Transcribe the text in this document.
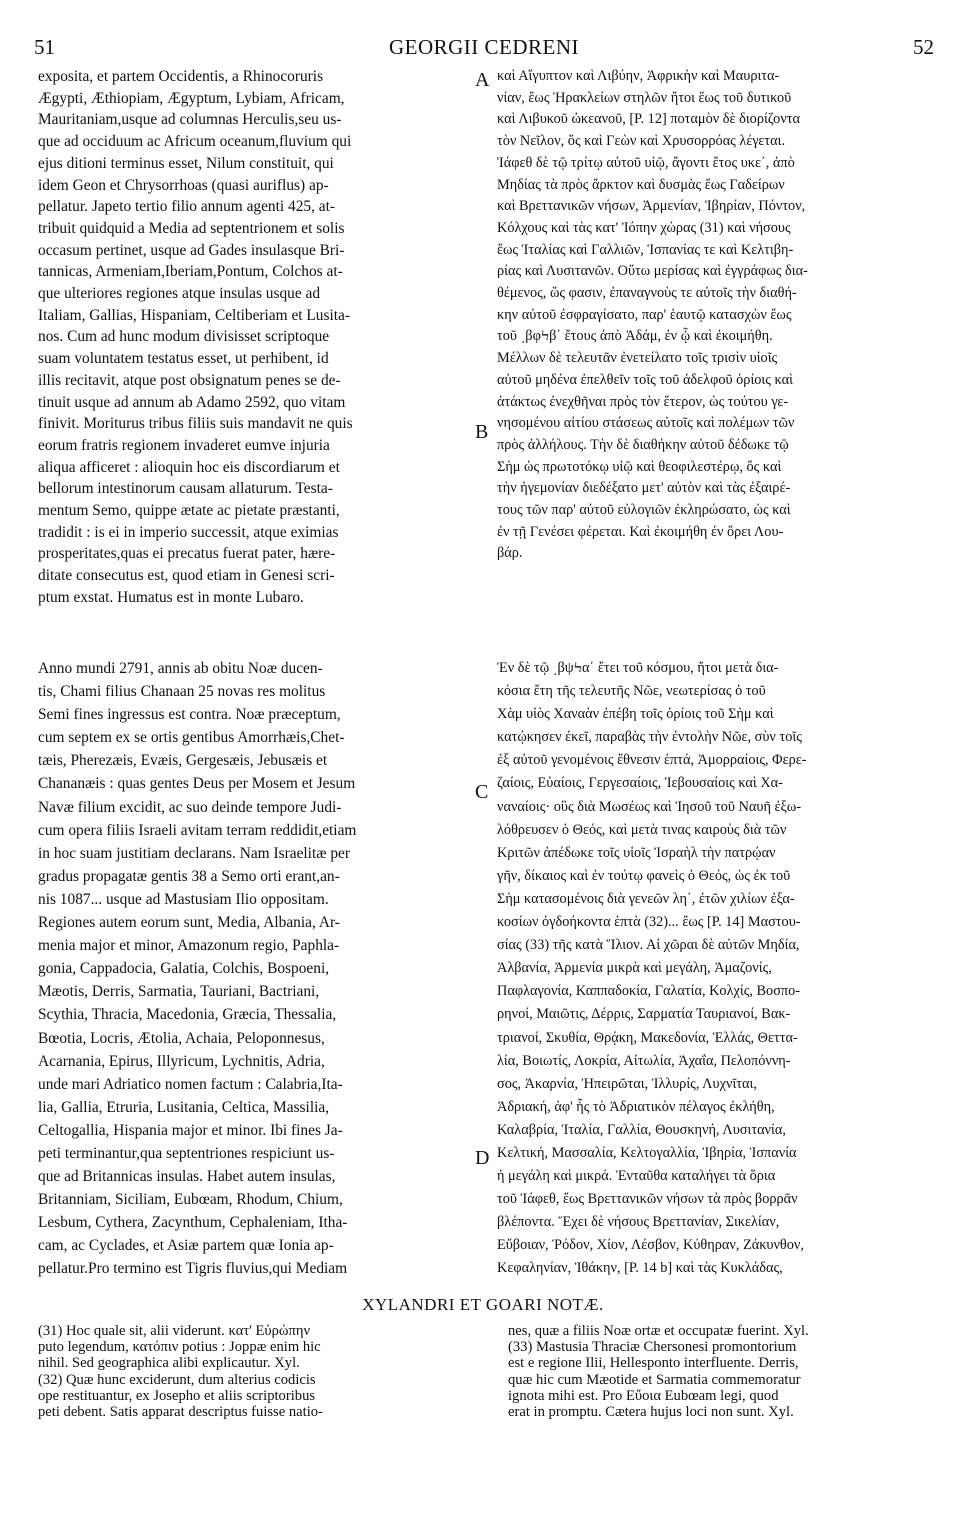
51	GEORGII CEDRENI	52
exposita, et partem Occidentis, a Rhinocoruris
Ægypti, Æthiopiam, Ægyptum, Lybiam, Africam,
Mauritaniam,usque ad columnas Herculis,seu us-
que ad occiduum ac Africum oceanum,fluvium qui
ejus ditioni terminus esset, Nilum constituit, qui
idem Geon et Chrysorrhoas (quasi auriflus) ap-
pellatur. Japeto tertio filio annum agenti 425, at-
tribuit quidquid a Media ad septentrionem et solis
occasum pertinet, usque ad Gades insulasque Bri-
tannicas, Armeniam,Iberiam,Pontum, Colchos at-
que ulteriores regiones atque insulas usque ad
Italiam, Gallias, Hispaniam, Celtiberiam et Lusita-
nos. Cum ad hunc modum divisisset scriptoque
suam voluntatem testatus esset, ut perhibent, id
illis recitavit, atque post obsignatum penes se de-
tinuit usque ad annum ab Adamo 2592, quo vitam
finivit. Moriturus tribus filiis suis mandavit ne quis
eorum fratris regionem invaderet eumve injuria
aliqua afficeret : alioquin hoc eis discordiarum et
bellorum intestinorum causam allaturum. Testa-
mentum Semo, quippe ætate ac pietate præstanti,
tradidit : is ei in imperio successit, atque eximias
prosperitates,quas ei precatus fuerat pater, hære-
ditate consecutus est, quod etiam in Genesi scri-
ptum exstat. Humatus est in monte Lubaro.
Anno mundi 2791, annis ab obitu Noæ ducen-
tis, Chami filius Chanaan 25 novas res molitus
Semi fines ingressus est contra. Noæ præceptum,
cum septem ex se ortis gentibus Amorrhæis,Chet-
tæis, Pherezæis, Evæis, Gergesæis, Jebusæis et
Chananæis : quas gentes Deus per Mosem et Jesum
Navæ filium excidit, ac suo deinde tempore Judi-
cum opera filiis Israeli avitam terram reddidit,etiam
in hoc suam justitiam declarans. Nam Israelitæ per
gradus propagatæ gentis 38 a Semo orti erant,an-
nis 1087... usque ad Mastusiam Ilio oppositam.
Regiones autem eorum sunt, Media, Albania, Ar-
menia major et minor, Amazonum regio, Paphla-
gonia, Cappadocia, Galatia, Colchis, Bospoeni,
Mæotis, Derris, Sarmatia, Tauriani, Bactriani,
Scythia, Thracia, Macedonia, Græcia, Thessalia,
Bœotia, Locris, Ætolia, Achaia, Peloponnesus,
Acarnania, Epirus, Illyricum, Lychnitis, Adria,
unde mari Adriatico nomen factum : Calabria,Ita-
lia, Gallia, Etruria, Lusitania, Celtica, Massilia,
Celtogallia, Hispania major et minor. Ibi fines Ja-
peti terminantur,qua septentriones respiciunt us-
que ad Britannicas insulas. Habet autem insulas,
Britanniam, Siciliam, Eubœam, Rhodum, Chium,
Lesbum, Cythera, Zacynthum, Cephaleniam, Itha-
cam, ac Cyclades, et Asiæ partem quæ Ionia ap-
pellatur.Pro termino est Tigris fluvius,qui Mediam
καὶ Αἴγυπτον καὶ Λιβύην, Ἀφρικὴν καὶ Μαυριτα-
νίαν, ἕως Ἡρακλείων στηλῶν ἤτοι ἕως τοῦ δυτικοῦ
καὶ Λιβυκοῦ ὠκεανοῦ, [P. 12] ποταμὸν δὲ διορίζοντα
τὸν Νεῖλον, ὅς καὶ Γεὼν καὶ Χρυσορρόας λέγεται.
Ἰάφεθ δὲ τῷ τρίτῳ αὐτοῦ υἱῷ, ἄγοντι ἔτος υκε΄, ἀπὸ
Μηδίας τὰ πρὸς ἄρκτον καὶ δυσμὰς ἕως Γαδείρων
καὶ Βρεττανικῶν νήσων, Ἀρμενίαν, Ἰβηρίαν, Πόντον,
Κόλχους καὶ τὰς κατ' Ἰόπην χώρας (31) καὶ νήσους
ἕως Ἰταλίας καὶ Γαλλιῶν, Ἱσπανίας τε καὶ Κελτιβη-
ρίας καὶ Λυσιτανῶν. Οὕτω μερίσας καὶ ἐγγράφως δια-
θέμενος, ὥς φασιν, ἐπαναγνοὺς τε αὐτοῖς τὴν διαθή-
κην αὐτοῦ ἐσφραγίσατο, παρ' ἑαυτῷ κατασχὼν ἕως
τοῦ ͵βφϞβ΄ ἔτους ἀπὸ Ἀδάμ, ἐν ᾧ καὶ ἐκοιμήθη.
Μέλλων δὲ τελευτᾶν ἐνετείλατο τοῖς τρισὶν υἱοῖς
αὐτοῦ μηδένα ἐπελθεῖν τοῖς τοῦ ἀδελφοῦ ὁρίοις καὶ
ἀτάκτως ἐνεχθῆναι πρὸς τὸν ἕτερον, ὡς τούτου γε-
νησομένου αἰτίου στάσεως αὐτοῖς καὶ πολέμων τῶν
πρὸς ἀλλήλους. Τὴν δὲ διαθήκην αὐτοῦ δέδωκε τῷ
Σὴμ ὡς πρωτοτόκῳ υἱῷ καὶ θεοφιλεστέρῳ, ὅς καὶ
τὴν ἡγεμονίαν διεδέξατο μετ' αὐτὸν καὶ τὰς ἐξαιρέ-
τους τῶν παρ' αὐτοῦ εὐλογιῶν ἐκληρώσατο, ὡς καὶ
ἐν τῇ Γενέσει φέρεται. Καὶ ἐκοιμήθη ἐν ὄρει Λου-
βάρ.
Ἐν δὲ τῷ ͵βψϞα΄ ἔτει τοῦ κόσμου, ἤτοι μετὰ δια-
κόσια ἔτη τῆς τελευτῆς Νῶε, νεωτερίσας ὁ τοῦ
Χὰμ υἱὸς Χαναὰν ἐπέβη τοῖς ὁρίοις τοῦ Σὴμ καὶ
κατῴκησεν ἐκεῖ, παραβὰς τὴν ἐντολὴν Νῶε, σὺν τοῖς
ἐξ αὐτοῦ γενομένοις ἔθνεσιν ἑπτά, Ἀμορραίοις, Φερε-
ζαίοις, Εὐαίοις, Γεργεσαίοις, Ἰεβουσαίοις καὶ Χα-
ναναίοις· οὓς διὰ Μωσέως καὶ Ἰησοῦ τοῦ Ναυῆ ἐξω-
λόθρευσεν ὁ Θεός, καὶ μετὰ τινας καιροὺς διὰ τῶν
Κριτῶν ἀπέδωκε τοῖς υἱοῖς Ἰσραὴλ τὴν πατρῴαν
γῆν, δίκαιος καὶ ἐν τούτῳ φανεὶς ὁ Θεός, ὡς ἐκ τοῦ
Σὴμ κατασομένοις διὰ γενεῶν λη΄, ἐτῶν χιλίων ἐξα-
κοσίων ὀγδοήκοντα ἑπτὰ (32)... ἕως [P. 14] Μαστου-
σίας (33) τῆς κατὰ Ἴλιον. Αἱ χῶραι δὲ αὐτῶν Μηδία,
Ἀλβανία, Ἀρμενία μικρὰ καὶ μεγάλη, Ἀμαζονίς,
Παφλαγονία, Καππαδοκία, Γαλατία, Κολχίς, Βοσπο-
ρηνοί, Μαιῶτις, Δέρρις, Σαρματία Ταυριανοί, Βακ-
τριανοί, Σκυθία, Θρᾴκη, Μακεδονία, Ἑλλάς, Θεττα-
λία, Βοιωτίς, Λοκρία, Αἰτωλία, Ἀχαΐα, Πελοπόννη-
σος, Ἀκαρνία, Ἠπειρῶται, Ἰλλυρίς, Λυχνῖται,
Ἀδριακή, ἀφ' ἧς τὸ Ἀδριατικὸν πέλαγος ἐκλήθη,
Καλαβρία, Ἰταλία, Γαλλία, Θουσκηνή, Λυσιτανία,
Κελτική, Μασσαλία, Κελτογαλλία, Ἰβηρία, Ἱσπανία
ἡ μεγάλη καὶ μικρά. Ἐνταῦθα καταλήγει τὰ ὅρια
τοῦ Ἰάφεθ, ἕως Βρεττανικῶν νήσων τὰ πρὸς βορρᾶν
βλέποντα. Ἔχει δὲ νήσους Βρεττανίαν, Σικελίαν,
Εὔβοιαν, Ῥόδον, Χίον, Λέσβον, Κύθηραν, Ζάκυνθον,
Κεφαληνίαν, Ἰθάκην, [P. 14 b] καὶ τὰς Κυκλάδας,
A
B
C
D
XYLANDRI ET GOARI NOTÆ.
(31) Hoc quale sit, alii viderunt. κατ' Εὐρώπην
puto legendum, κατόπιν potius : Joppæ enim hic
nihil. Sed geographica alibi explicautur. Xyl.
(32) Quæ hunc exciderunt, dum alterius codicis
ope restituantur, ex Josepho et aliis scriptoribus
peti debent. Satis apparat descriptus fuisse natio-
nes, quæ a filiis Noæ ortæ et occupatæ fuerint. Xyl.
(33) Mastusia Thraciæ Chersonesi promontorium
est e regione Ilii, Hellesponto interfluente. Derris,
quæ hic cum Mæotide et Sarmatia commemoratur
ignota mihi est. Pro Εὔοια Eubœam legi, quod
erat in promptu. Cætera hujus loci non sunt. Xyl.
